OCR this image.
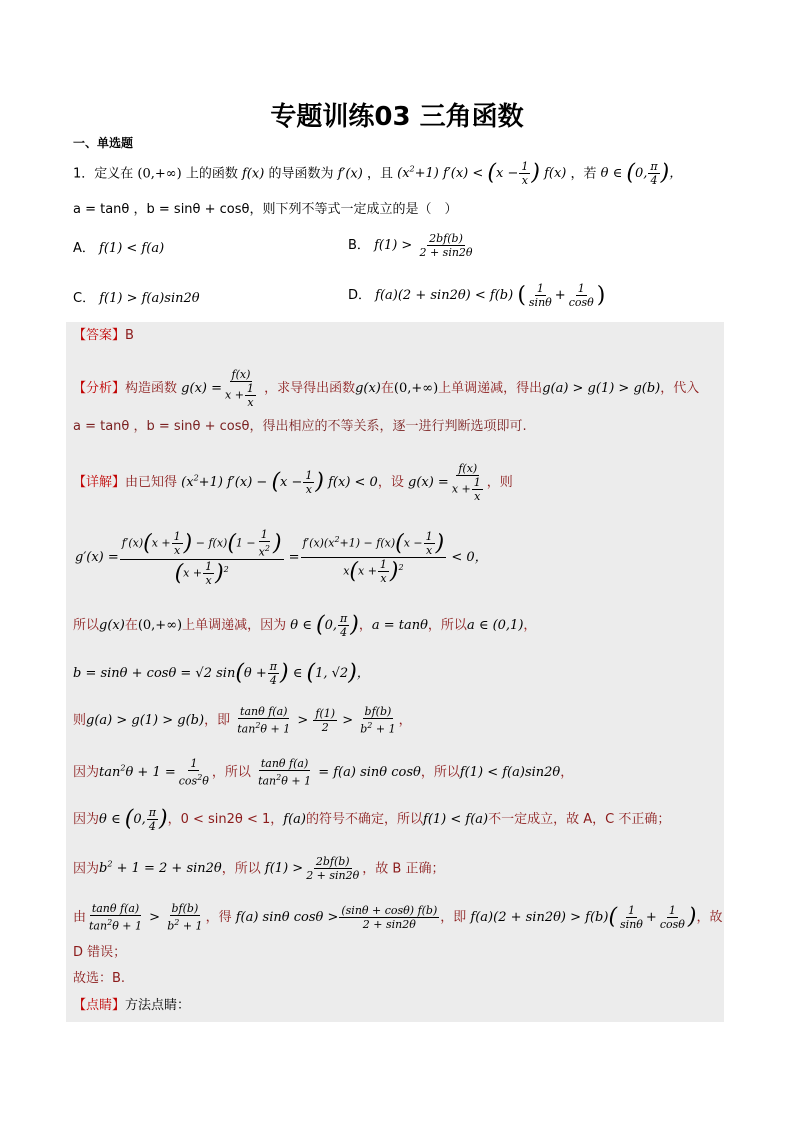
专题训练03 三角函数
一、单选题
1．定义在 (0,+∞) 上的函数 f(x) 的导函数为 f′(x) ，且 $(x^2+1) f'(x) < (x - \frac{1}{x}$ ) f(x) ，若 θ ∈ (0, $\frac{\pi}{4}$ )，
a = tanθ ，b = sinθ + cosθ，则下列不等式一定成立的是（　）
A． f(1) < f(a)	B． $f(1) > \frac{2bf(b)}{2 + \sin 2\theta}$
C． f(1) > f(a)sin2θ	D． f(a)(2 + sin2θ) < f(b) ( $\frac{1}{\sin\theta} + \frac{1}{\cos\theta}$ )
【答案】B
【分析】构造函数 $g(x) = \frac{f(x)}{x + \frac{1}{x}}$ ，求导得出函数g(x)在(0,+∞)上单调递减，得出g(a) > g(1) > g(b)，代入
a = tanθ ，b = sinθ + cosθ，得出相应的不等关系，逐一进行判断选项即可.
【详解】由已知得 $(x^2+1) f'(x) - (x - \frac{1}{x}$ ) f(x) < 0，设 $g(x) = \frac{f(x)}{x + \frac{1}{x}}$ ，则
$g'(x) = \frac{f'(x)(x + \frac{1}{x} ) - f(x)(1 - \frac{1}{x^2} )}{(x + \frac{1}{x} )^2} = \frac{f'(x)(x^2+1) - f(x)(x - \frac{1}{x} )}{x(x + \frac{1}{x} )^2} < 0$，
所以g(x)在(0,+∞)上单调递减，因为 θ ∈ (0, $\frac{\pi}{4}$ )，a = tanθ，所以a ∈ (0,1)，
b = sinθ + cosθ = √2 $\sin(\theta + \frac{\pi}{4}$ ) ∈ (1, √2)，
则g(a) > g(1) > g(b)，即 $\frac{\text{tanθ f(a)}}{\tan^2\theta + 1} > \frac{f(1)}{2} > \frac{bf(b)}{b^2 + 1}$ ，
因为$\tan^2\theta + 1 = \frac{1}{\cos^2\theta}$ ，所以 $\frac{\text{tanθ f(a)}}{\tan^2\theta + 1} = f(a)$ sinθ cosθ，所以f(1) < f(a)sin2θ，
因为θ ∈ (0, $\frac{\pi}{4}$ )，0 < sin2θ < 1，f(a)的符号不确定，所以f(1) < f(a)不一定成立，故 A，C 不正确；
因为$b^2 + 1 = 2 + \sin 2\theta$，所以 $f(1) > \frac{2bf(b)}{2 + \sin 2\theta}$ ，故 B 正确；
由 $\frac{\text{tanθ f(a)}}{\tan^2\theta + 1} > \frac{bf(b)}{b^2 + 1}$ ，得 f(a) sinθ $\cos\theta > \frac{(\sin\theta + \cos\theta) f(b)}{2 + \sin 2\theta}$ ，即 $f(a)(2 + \sin 2\theta) > f(b)( \frac{1}{\sin\theta} + \frac{1}{\cos\theta}$ )，故
D 错误；
故选：B.
【点睛】方法点睛：
